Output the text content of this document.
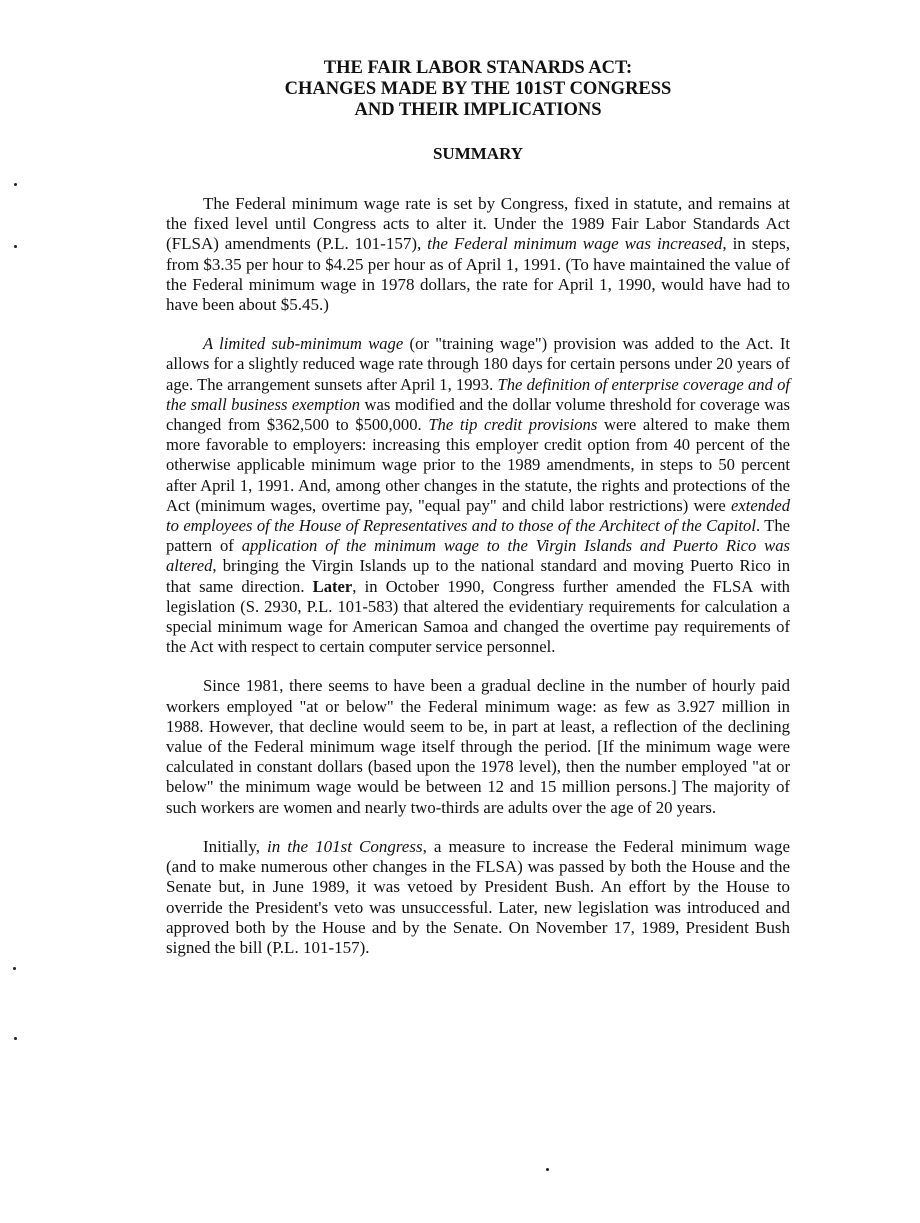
THE FAIR LABOR STANARDS ACT:
CHANGES MADE BY THE 101ST CONGRESS
AND THEIR IMPLICATIONS
SUMMARY

The Federal minimum wage rate is set by Congress, fixed in statute, and remains at the fixed level until Congress acts to alter it. Under the 1989 Fair Labor Standards Act (FLSA) amendments (P.L. 101-157), the Federal minimum wage was increased, in steps, from $3.35 per hour to $4.25 per hour as of April 1, 1991. (To have maintained the value of the Federal minimum wage in 1978 dollars, the rate for April 1, 1990, would have had to have been about $5.45.)

A limited sub-minimum wage (or "training wage") provision was added to the Act. It allows for a slightly reduced wage rate through 180 days for certain persons under 20 years of age. The arrangement sunsets after April 1, 1993. The definition of enterprise coverage and of the small business exemption was modified and the dollar volume threshold for coverage was changed from $362,500 to $500,000. The tip credit provisions were altered to make them more favorable to employers: increasing this employer credit option from 40 percent of the otherwise applicable minimum wage prior to the 1989 amendments, in steps to 50 percent after April 1, 1991. And, among other changes in the statute, the rights and protections of the Act (minimum wages, overtime pay, "equal pay" and child labor restrictions) were extended to employees of the House of Representatives and to those of the Architect of the Capitol. The pattern of application of the minimum wage to the Virgin Islands and Puerto Rico was altered, bringing the Virgin Islands up to the national standard and moving Puerto Rico in that same direction. Later, in October 1990, Congress further amended the FLSA with legislation (S. 2930, P.L. 101-583) that altered the evidentiary requirements for calculation a special minimum wage for American Samoa and changed the overtime pay requirements of the Act with respect to certain computer service personnel.

Since 1981, there seems to have been a gradual decline in the number of hourly paid workers employed "at or below" the Federal minimum wage: as few as 3.927 million in 1988. However, that decline would seem to be, in part at least, a reflection of the declining value of the Federal minimum wage itself through the period. [If the minimum wage were calculated in constant dollars (based upon the 1978 level), then the number employed "at or below" the minimum wage would be between 12 and 15 million persons.] The majority of such workers are women and nearly two-thirds are adults over the age of 20 years.

Initially, in the 101st Congress, a measure to increase the Federal minimum wage (and to make numerous other changes in the FLSA) was passed by both the House and the Senate but, in June 1989, it was vetoed by President Bush. An effort by the House to override the President's veto was unsuccessful. Later, new legislation was introduced and approved both by the House and by the Senate. On November 17, 1989, President Bush signed the bill (P.L. 101-157).
